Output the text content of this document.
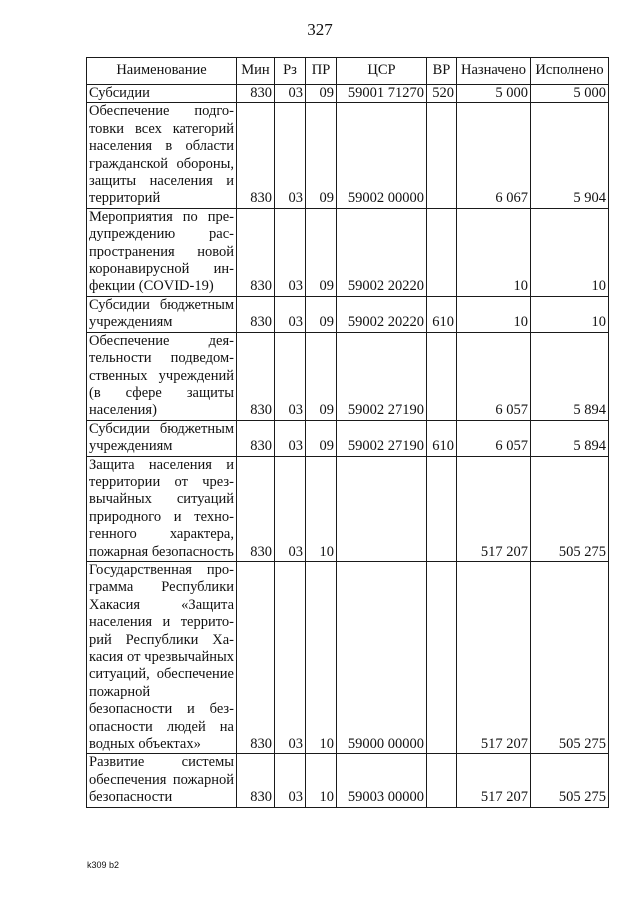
327
Наименование	Мин	Рз	ПР	ЦСР	ВР	Назначено	Исполнено
Субсидии	830	03	09	59001 71270	520	5 000	5 000
Обеспечение подготовки всех категорий населения в области гражданской обороны, защиты населения и территорий	830	03	09	59002 00000		6 067	5 904
Мероприятия по предупреждению распространения новой коронавирусной инфекции (COVID-19)	830	03	09	59002 20220		10	10
Субсидии бюджетным учреждениям	830	03	09	59002 20220	610	10	10
Обеспечение деятельности подведомственных учреждений (в сфере защиты населения)	830	03	09	59002 27190		6 057	5 894
Субсидии бюджетным учреждениям	830	03	09	59002 27190	610	6 057	5 894
Защита населения и территории от чрезвычайных ситуаций природного и техногенного характера, пожарная безопасность	830	03	10			517 207	505 275
Государственная программа Республики Хакасия «Защита населения и территорий Республики Хакасия от чрезвычайных ситуаций, обеспечение пожарной безопасности и безопасности людей на водных объектах»	830	03	10	59000 00000		517 207	505 275
Развитие системы обеспечения пожарной безопасности	830	03	10	59003 00000		517 207	505 275
k309 b2
